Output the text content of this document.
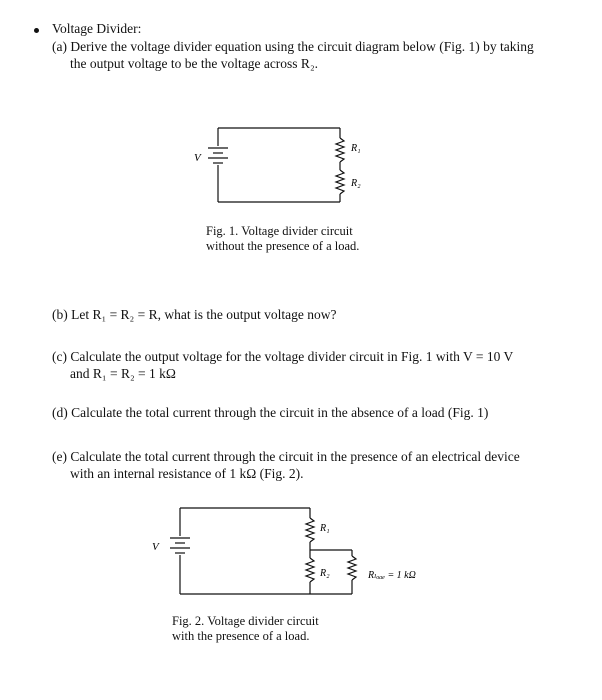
Voltage Divider:
(a) Derive the voltage divider equation using the circuit diagram below (Fig. 1) by taking
the output voltage to be the voltage across R₂.
V
R₁
R₂
Fig. 1. Voltage divider circuit
without the presence of a load.
(b) Let R₁ = R₂ = R, what is the output voltage now?
(c) Calculate the output voltage for the voltage divider circuit in Fig. 1 with V = 10 V
and R₁ = R₂ = 1 kΩ
(d) Calculate the total current through the circuit in the absence of a load (Fig. 1)
(e) Calculate the total current through the circuit in the presence of an electrical device
with an internal resistance of 1 kΩ (Fig. 2).
V
R₁
R₂	Rₗₒₐₑ = 1 kΩ
Fig. 2. Voltage divider circuit
with the presence of a load.
